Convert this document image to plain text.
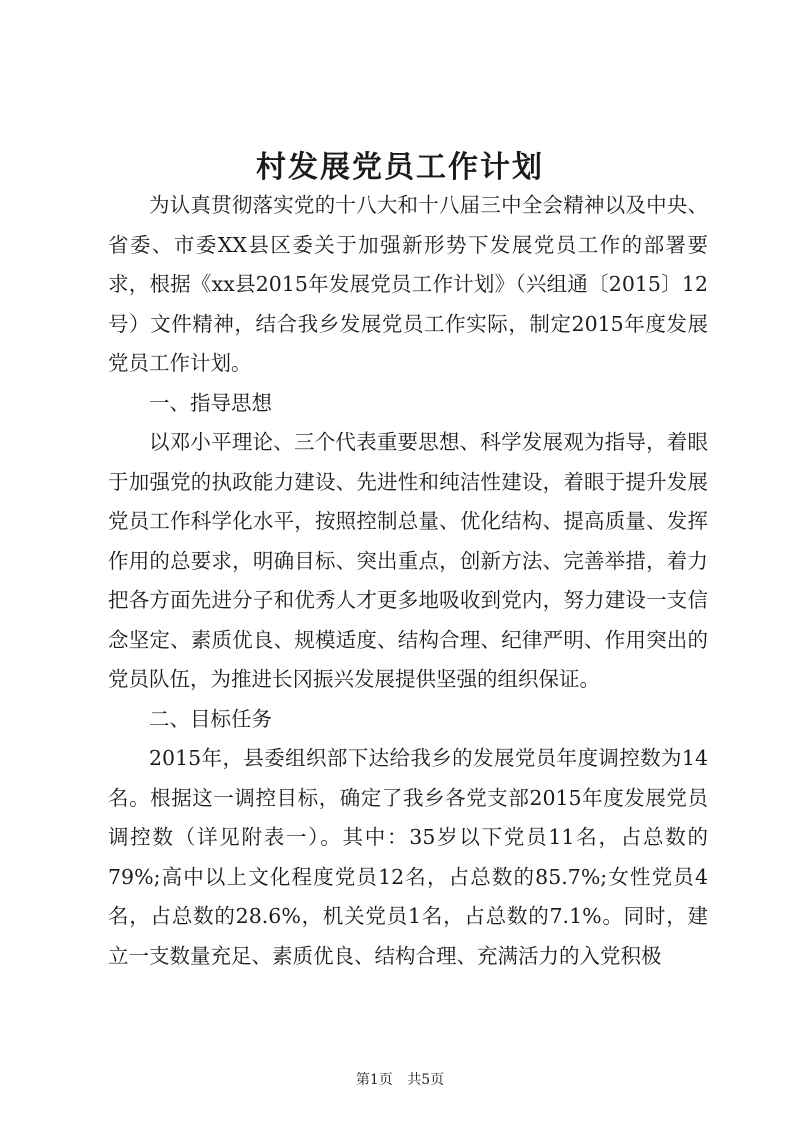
村发展党员工作计划

为认真贯彻落实党的十八大和十八届三中全会精神以及中央、省委、市委XX县区委关于加强新形势下发展党员工作的部署要求，根据《xx县2015年发展党员工作计划》（兴组通〔2015〕12号）文件精神，结合我乡发展党员工作实际，制定2015年度发展党员工作计划。

一、指导思想

以邓小平理论、三个代表重要思想、科学发展观为指导，着眼于加强党的执政能力建设、先进性和纯洁性建设，着眼于提升发展党员工作科学化水平，按照控制总量、优化结构、提高质量、发挥作用的总要求，明确目标、突出重点，创新方法、完善举措，着力把各方面先进分子和优秀人才更多地吸收到党内，努力建设一支信念坚定、素质优良、规模适度、结构合理、纪律严明、作用突出的党员队伍，为推进长冈振兴发展提供坚强的组织保证。

二、目标任务

2015年，县委组织部下达给我乡的发展党员年度调控数为14名。根据这一调控目标，确定了我乡各党支部2015年度发展党员调控数（详见附表一）。其中：35岁以下党员11名，占总数的79%;高中以上文化程度党员12名，占总数的85.7%;女性党员4名，占总数的28.6%，机关党员1名，占总数的7.1%。同时，建立一支数量充足、素质优良、结构合理、充满活力的入党积极

第1页 共5页
